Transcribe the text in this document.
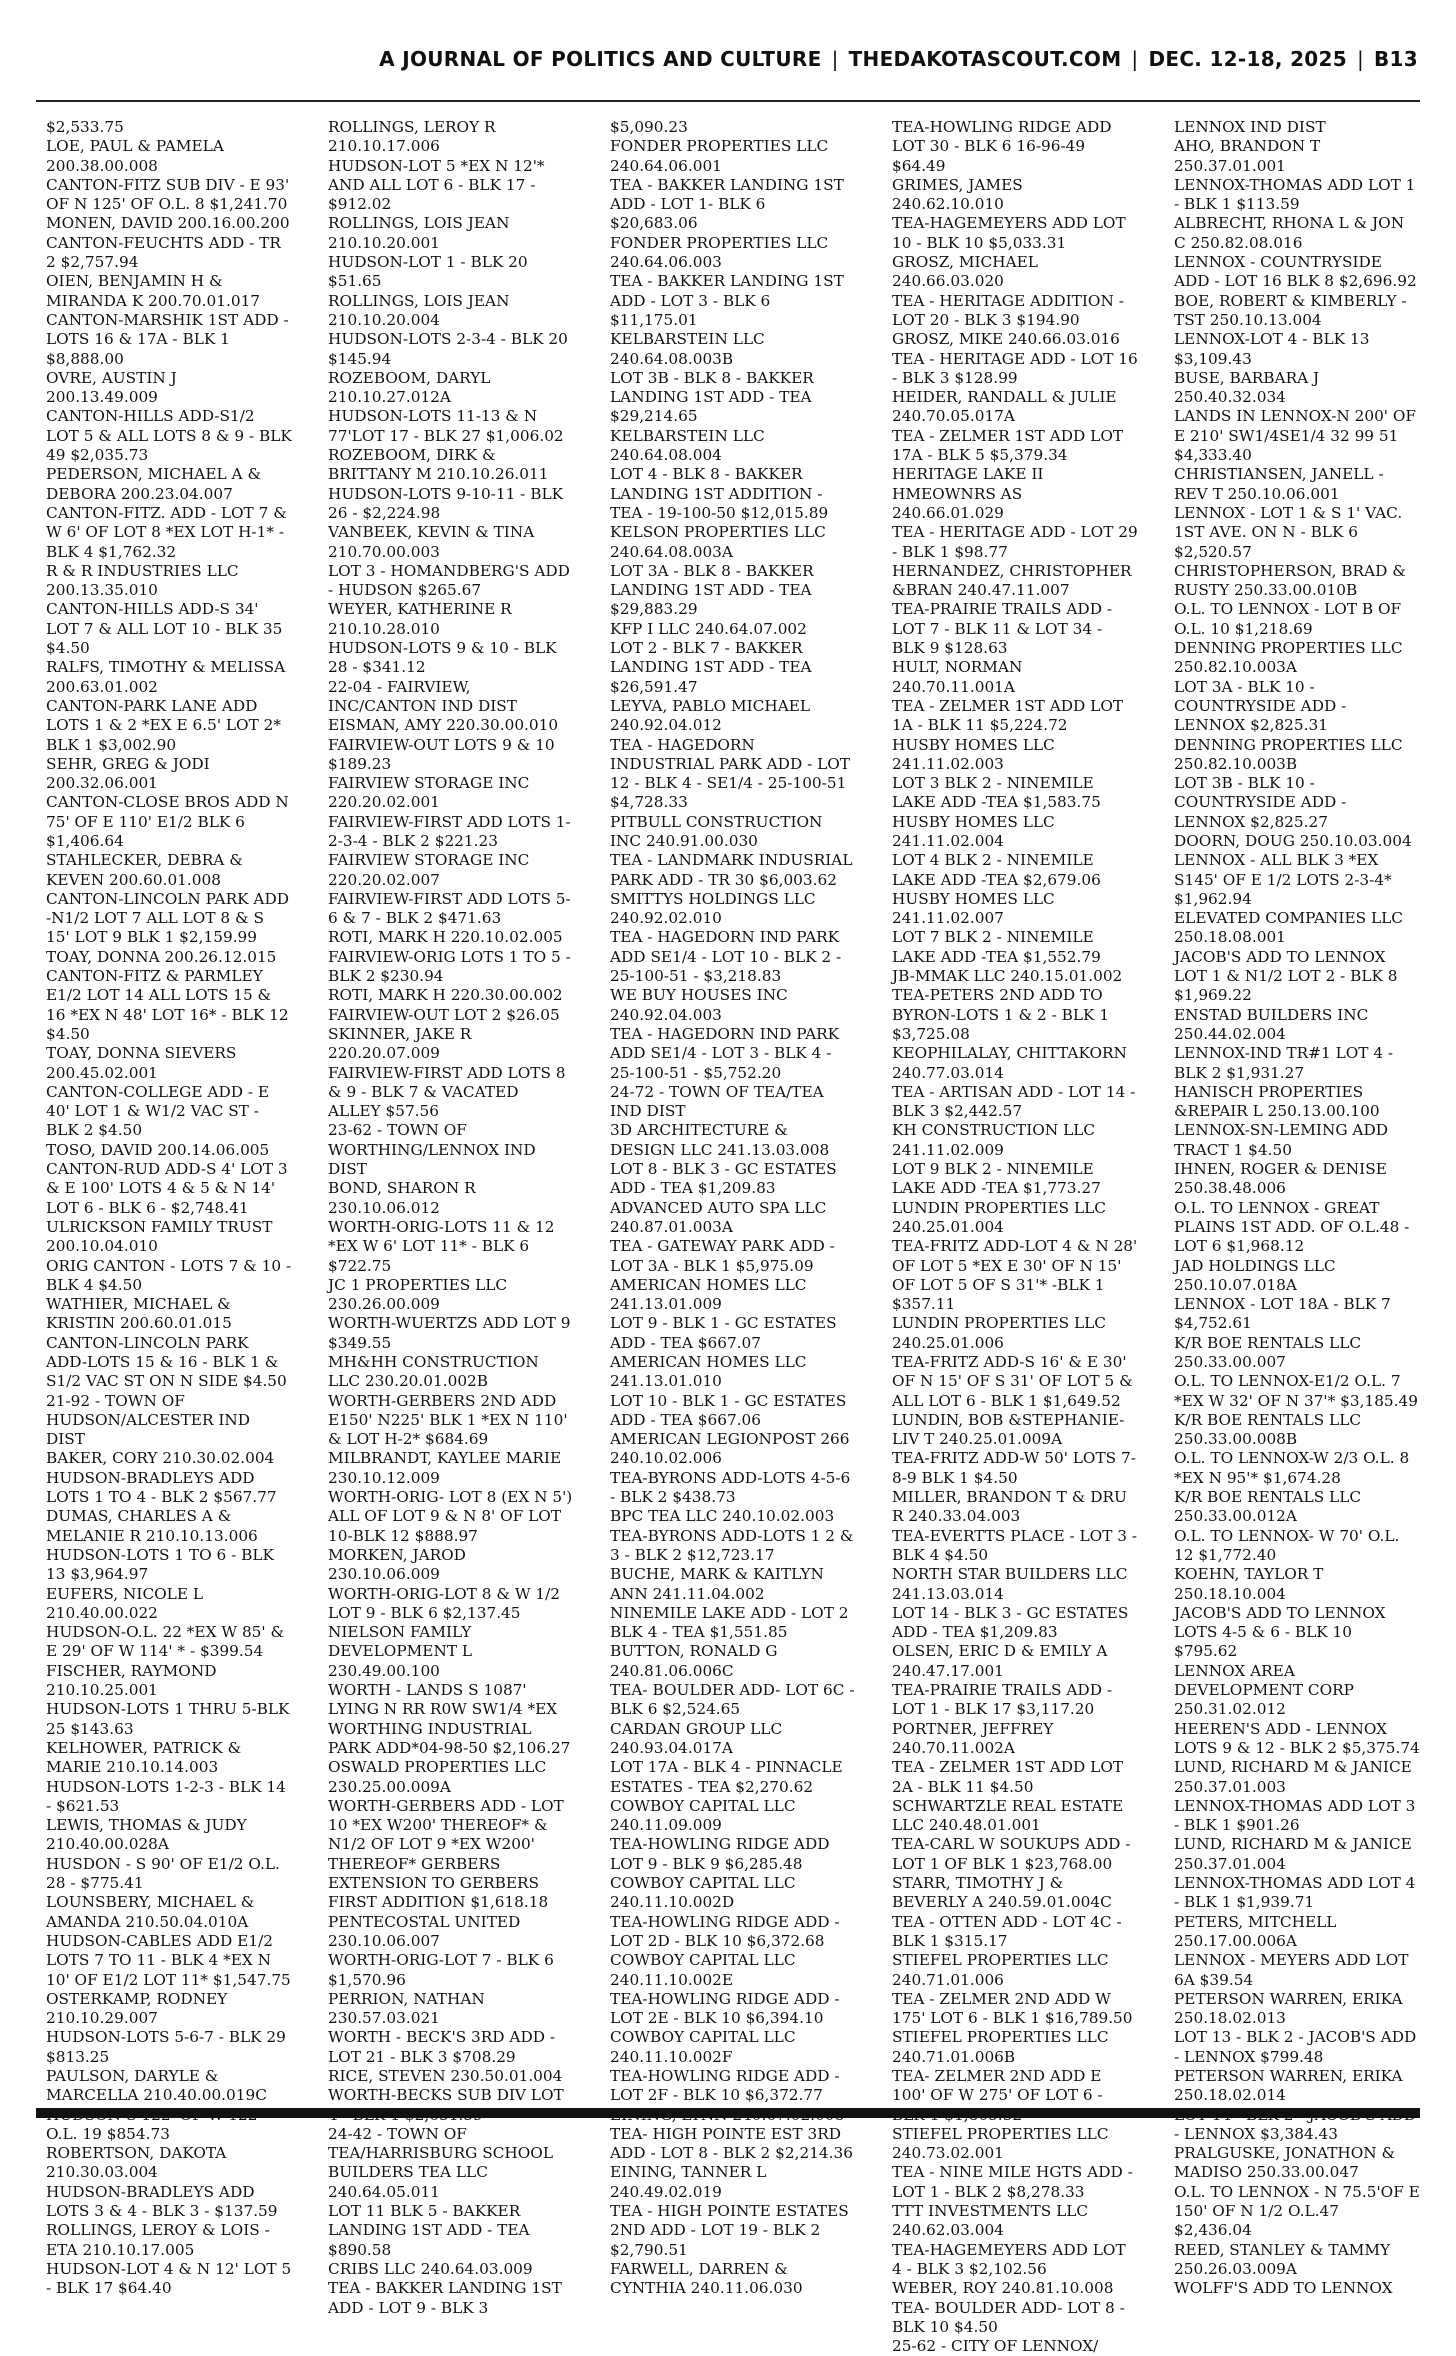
A JOURNAL OF POLITICS AND CULTURE | THEDAKOTASCOUT.COM | DEC. 12-18, 2025 | B13
$2,533.75
LOE, PAUL & PAMELA 200.38.00.008
CANTON-FITZ SUB DIV - E 93' OF N 125' OF O.L. 8 $1,241.70
MONEN, DAVID 200.16.00.200
CANTON-FEUCHTS ADD - TR 2 $2,757.94
OIEN, BENJAMIN H & MIRANDA K 200.70.01.017
CANTON-MARSHIK 1ST ADD - LOTS 16 & 17A - BLK 1 $8,888.00
OVRE, AUSTIN J 200.13.49.009
CANTON-HILLS ADD-S1/2 LOT 5 & ALL LOTS 8 & 9 - BLK 49 $2,035.73
PEDERSON, MICHAEL A & DEBORA 200.23.04.007
CANTON-FITZ. ADD - LOT 7 & W 6' OF LOT 8 *EX LOT H-1* - BLK 4 $1,762.32
R & R INDUSTRIES LLC 200.13.35.010
CANTON-HILLS ADD-S 34' LOT 7 & ALL LOT 10 - BLK 35 $4.50
RALFS, TIMOTHY & MELISSA 200.63.01.002
CANTON-PARK LANE ADD LOTS 1 & 2 *EX E 6.5' LOT 2* BLK 1 $3,002.90
SEHR, GREG & JODI 200.32.06.001
CANTON-CLOSE BROS ADD N 75' OF E 110' E1/2 BLK 6 $1,406.64
STAHLECKER, DEBRA & KEVEN 200.60.01.008
CANTON-LINCOLN PARK ADD -N1/2 LOT 7 ALL LOT 8 & S 15' LOT 9 BLK 1 $2,159.99
TOAY, DONNA 200.26.12.015
CANTON-FITZ & PARMLEY E1/2 LOT 14 ALL LOTS 15 & 16 *EX N 48' LOT 16* - BLK 12 $4.50
TOAY, DONNA SIEVERS 200.45.02.001
CANTON-COLLEGE ADD - E 40' LOT 1 & W1/2 VAC ST - BLK 2 $4.50
TOSO, DAVID 200.14.06.005
CANTON-RUD ADD-S 4' LOT 3 & E 100' LOTS 4 & 5 & N 14' LOT 6 - BLK 6 - $2,748.41
ULRICKSON FAMILY TRUST 200.10.04.010
ORIG CANTON - LOTS 7 & 10 - BLK 4 $4.50
WATHIER, MICHAEL & KRISTIN 200.60.01.015
CANTON-LINCOLN PARK ADD-LOTS 15 & 16 - BLK 1 & S1/2 VAC ST ON N SIDE $4.50
21-92 - TOWN OF HUDSON/ALCESTER IND DIST
BAKER, CORY 210.30.02.004
HUDSON-BRADLEYS ADD LOTS 1 TO 4 - BLK 2 $567.77
DUMAS, CHARLES A & MELANIE R 210.10.13.006
HUDSON-LOTS 1 TO 6 - BLK 13 $3,964.97
EUFERS, NICOLE L 210.40.00.022
HUDSON-O.L. 22 *EX W 85' & E 29' OF W 114' * - $399.54
FISCHER, RAYMOND 210.10.25.001
HUDSON-LOTS 1 THRU 5-BLK 25 $143.63
KELHOWER, PATRICK & MARIE 210.10.14.003
HUDSON-LOTS 1-2-3 - BLK 14 - $621.53
LEWIS, THOMAS & JUDY 210.40.00.028A
HUSDON - S 90' OF E1/2 O.L. 28 - $775.41
LOUNSBERY, MICHAEL & AMANDA 210.50.04.010A
HUDSON-CABLES ADD E1/2 LOTS 7 TO 11 - BLK 4 *EX N 10' OF E1/2 LOT 11* $1,547.75
OSTERKAMP, RODNEY 210.10.29.007
HUDSON-LOTS 5-6-7 - BLK 29 $813.25
PAULSON, DARYLE & MARCELLA 210.40.00.019C
O.L. 19 $854.73
ROBERTSON, DAKOTA 210.30.03.004
HUDSON-BRADLEYS ADD LOTS 3 & 4 - BLK 3 - $137.59
ROLLINGS, LEROY & LOIS - ETA 210.10.17.005
HUDSON-LOT 4 & N 12' LOT 5 - BLK 17 $64.40
ROLLINGS, LEROY R 210.10.17.006
HUDSON-LOT 5 *EX N 12'* AND ALL LOT 6 - BLK 17 - $912.02
ROLLINGS, LOIS JEAN 210.10.20.001
HUDSON-LOT 1 - BLK 20 $51.65
ROLLINGS, LOIS JEAN 210.10.20.004
HUDSON-LOTS 2-3-4 - BLK 20 $145.94
ROZEBOOM, DARYL 210.10.27.012A
HUDSON-LOTS 11-13 & N 77'LOT 17 - BLK 27 $1,006.02
ROZEBOOM, DIRK & BRITTANY M 210.10.26.011
HUDSON-LOTS 9-10-11 - BLK 26 - $2,224.98
VANBEEK, KEVIN & TINA 210.70.00.003
LOT 3 - HOMANDBERG'S ADD - HUDSON $265.67
WEYER, KATHERINE R 210.10.28.010
HUDSON-LOTS 9 & 10 - BLK 28 - $341.12
22-04 - FAIRVIEW, INC/CANTON IND DIST
EISMAN, AMY 220.30.00.010
FAIRVIEW-OUT LOTS 9 & 10 $189.23
FAIRVIEW STORAGE INC 220.20.02.001
FAIRVIEW-FIRST ADD LOTS 1-2-3-4 - BLK 2 $221.23
FAIRVIEW STORAGE INC 220.20.02.007
FAIRVIEW-FIRST ADD LOTS 5-6 & 7 - BLK 2 $471.63
ROTI, MARK H 220.10.02.005
FAIRVIEW-ORIG LOTS 1 TO 5 - BLK 2 $230.94
ROTI, MARK H 220.30.00.002
FAIRVIEW-OUT LOT 2 $26.05
SKINNER, JAKE R 220.20.07.009
FAIRVIEW-FIRST ADD LOTS 8 & 9 - BLK 7 & VACATED ALLEY $57.56
23-62 - TOWN OF WORTHING/LENNOX IND DIST
BOND, SHARON R 230.10.06.012
WORTH-ORIG-LOTS 11 & 12 *EX W 6' LOT 11* - BLK 6 $722.75
JC 1 PROPERTIES LLC 230.26.00.009
WORTH-WUERTZS ADD LOT 9 $349.55
MH&HH CONSTRUCTION LLC 230.20.01.002B
WORTH-GERBERS 2ND ADD E150' N225' BLK 1 *EX N 110' & LOT H-2* $684.69
MILBRANDT, KAYLEE MARIE 230.10.12.009
WORTH-ORIG- LOT 8 (EX N 5') ALL OF LOT 9 & N 8' OF LOT 10-BLK 12 $888.97
MORKEN, JAROD 230.10.06.009
WORTH-ORIG-LOT 8 & W 1/2 LOT 9 - BLK 6 $2,137.45
NIELSON FAMILY DEVELOPMENT L 230.49.00.100
WORTH - LANDS S 1087' LYING N RR R0W SW1/4 *EX WORTHING INDUSTRIAL PARK ADD*04-98-50 $2,106.27
OSWALD PROPERTIES LLC 230.25.00.009A
WORTH-GERBERS ADD - LOT 10 *EX W200' THEREOF* & N1/2 OF LOT 9 *EX W200' THEREOF* GERBERS EXTENSION TO GERBERS FIRST ADDITION $1,618.18
PENTECOSTAL UNITED 230.10.06.007
WORTH-ORIG-LOT 7 - BLK 6 $1,570.96
PERRION, NATHAN 230.57.03.021
WORTH - BECK'S 3RD ADD - LOT 21 - BLK 3 $708.29
RICE, STEVEN 230.50.01.004
WORTH-BECKS SUB DIV LOT
24-42 - TOWN OF TEA/HARRISBURG SCHOOL
BUILDERS TEA LLC 240.64.05.011
LOT 11 BLK 5 - BAKKER LANDING 1ST ADD - TEA $890.58
CRIBS LLC 240.64.03.009
TEA - BAKKER LANDING 1ST ADD - LOT 9 - BLK 3
$5,090.23
FONDER PROPERTIES LLC 240.64.06.001
TEA - BAKKER LANDING 1ST ADD - LOT 1- BLK 6 $20,683.06
FONDER PROPERTIES LLC 240.64.06.003
TEA - BAKKER LANDING 1ST ADD - LOT 3 - BLK 6 $11,175.01
KELBARSTEIN LLC 240.64.08.003B
LOT 3B - BLK 8 - BAKKER LANDING 1ST ADD - TEA $29,214.65
KELBARSTEIN LLC 240.64.08.004
LOT 4 - BLK 8 - BAKKER LANDING 1ST ADDITION - TEA - 19-100-50 $12,015.89
KELSON PROPERTIES LLC 240.64.08.003A
LOT 3A - BLK 8 - BAKKER LANDING 1ST ADD - TEA $29,883.29
KFP I LLC 240.64.07.002
LOT 2 - BLK 7 - BAKKER LANDING 1ST ADD - TEA $26,591.47
LEYVA, PABLO MICHAEL 240.92.04.012
TEA - HAGEDORN INDUSTRIAL PARK ADD - LOT 12 - BLK 4 - SE1/4 - 25-100-51 $4,728.33
PITBULL CONSTRUCTION INC 240.91.00.030
TEA - LANDMARK INDUSRIAL PARK ADD - TR 30 $6,003.62
SMITTYS HOLDINGS LLC 240.92.02.010
TEA - HAGEDORN IND PARK ADD SE1/4 - LOT 10 - BLK 2 - 25-100-51 - $3,218.83
WE BUY HOUSES INC 240.92.04.003
TEA - HAGEDORN IND PARK ADD SE1/4 - LOT 3 - BLK 4 - 25-100-51 - $5,752.20
24-72 - TOWN OF TEA/TEA IND DIST
3D ARCHITECTURE & DESIGN LLC 241.13.03.008
LOT 8 - BLK 3 - GC ESTATES ADD - TEA $1,209.83
ADVANCED AUTO SPA LLC 240.87.01.003A
TEA - GATEWAY PARK ADD - LOT 3A - BLK 1 $5,975.09
AMERICAN HOMES LLC 241.13.01.009
LOT 9 - BLK 1 - GC ESTATES ADD - TEA $667.07
AMERICAN HOMES LLC 241.13.01.010
LOT 10 - BLK 1 - GC ESTATES ADD - TEA $667.06
AMERICAN LEGIONPOST 266 240.10.02.006
TEA-BYRONS ADD-LOTS 4-5-6 - BLK 2 $438.73
BPC TEA LLC 240.10.02.003
TEA-BYRONS ADD-LOTS 1 2 & 3 - BLK 2 $12,723.17
BUCHE, MARK & KAITLYN ANN 241.11.04.002
NINEMILE LAKE ADD - LOT 2 BLK 4 - TEA $1,551.85
BUTTON, RONALD G 240.81.06.006C
TEA- BOULDER ADD- LOT 6C - BLK 6 $2,524.65
CARDAN GROUP LLC 240.93.04.017A
LOT 17A - BLK 4 - PINNACLE ESTATES - TEA $2,270.62
COWBOY CAPITAL LLC 240.11.09.009
TEA-HOWLING RIDGE ADD LOT 9 - BLK 9 $6,285.48
COWBOY CAPITAL LLC 240.11.10.002D
TEA-HOWLING RIDGE ADD - LOT 2D - BLK 10 $6,372.68
COWBOY CAPITAL LLC 240.11.10.002E
TEA-HOWLING RIDGE ADD - LOT 2E - BLK 10 $6,394.10
COWBOY CAPITAL LLC 240.11.10.002F
TEA-HOWLING RIDGE ADD - LOT 2F - BLK 10 $6,372.77
TEA- HIGH POINTE EST 3RD ADD - LOT 8 - BLK 2 $2,214.36
EINING, TANNER L 240.49.02.019
TEA - HIGH POINTE ESTATES 2ND ADD - LOT 19 - BLK 2 $2,790.51
FARWELL, DARREN & CYNTHIA 240.11.06.030
TEA-HOWLING RIDGE ADD LOT 30 - BLK 6 16-96-49 $64.49
GRIMES, JAMES 240.62.10.010
TEA-HAGEMEYERS ADD LOT 10 - BLK 10 $5,033.31
GROSZ, MICHAEL 240.66.03.020
TEA - HERITAGE ADDITION - LOT 20 - BLK 3 $194.90
GROSZ, MIKE 240.66.03.016
TEA - HERITAGE ADD - LOT 16 - BLK 3 $128.99
HEIDER, RANDALL & JULIE 240.70.05.017A
TEA - ZELMER 1ST ADD LOT 17A - BLK 5 $5,379.34
HERITAGE LAKE II HMEOWNRS AS 240.66.01.029
TEA - HERITAGE ADD - LOT 29 - BLK 1 $98.77
HERNANDEZ, CHRISTOPHER &BRAN 240.47.11.007
TEA-PRAIRIE TRAILS ADD - LOT 7 - BLK 11 & LOT 34 - BLK 9 $128.63
HULT, NORMAN 240.70.11.001A
TEA - ZELMER 1ST ADD LOT 1A - BLK 11 $5,224.72
HUSBY HOMES LLC 241.11.02.003
LOT 3 BLK 2 - NINEMILE LAKE ADD -TEA $1,583.75
HUSBY HOMES LLC 241.11.02.004
LOT 4 BLK 2 - NINEMILE LAKE ADD -TEA $2,679.06
HUSBY HOMES LLC 241.11.02.007
LOT 7 BLK 2 - NINEMILE LAKE ADD -TEA $1,552.79
JB-MMAK LLC 240.15.01.002
TEA-PETERS 2ND ADD TO BYRON-LOTS 1 & 2 - BLK 1 $3,725.08
KEOPHILALAY, CHITTAKORN 240.77.03.014
TEA - ARTISAN ADD - LOT 14 - BLK 3 $2,442.57
KH CONSTRUCTION LLC 241.11.02.009
LOT 9 BLK 2 - NINEMILE LAKE ADD -TEA $1,773.27
LUNDIN PROPERTIES LLC 240.25.01.004
TEA-FRITZ ADD-LOT 4 & N 28' OF LOT 5 *EX E 30' OF N 15' OF LOT 5 OF S 31'* -BLK 1 $357.11
LUNDIN PROPERTIES LLC 240.25.01.006
TEA-FRITZ ADD-S 16' & E 30' OF N 15' OF S 31' OF LOT 5 & ALL LOT 6 - BLK 1 $1,649.52
LUNDIN, BOB &STEPHANIE-LIV T 240.25.01.009A
TEA-FRITZ ADD-W 50' LOTS 7-8-9 BLK 1 $4.50
MILLER, BRANDON T & DRU R 240.33.04.003
TEA-EVERTTS PLACE - LOT 3 - BLK 4 $4.50
NORTH STAR BUILDERS LLC 241.13.03.014
LOT 14 - BLK 3 - GC ESTATES ADD - TEA $1,209.83
OLSEN, ERIC D & EMILY A 240.47.17.001
TEA-PRAIRIE TRAILS ADD - LOT 1 - BLK 17 $3,117.20
PORTNER, JEFFREY 240.70.11.002A
TEA - ZELMER 1ST ADD LOT 2A - BLK 11 $4.50
SCHWARTZLE REAL ESTATE LLC 240.48.01.001
TEA-CARL W SOUKUPS ADD - LOT 1 OF BLK 1 $23,768.00
STARR, TIMOTHY J & BEVERLY A 240.59.01.004C
TEA - OTTEN ADD - LOT 4C - BLK 1 $315.17
STIEFEL PROPERTIES LLC 240.71.01.006
TEA - ZELMER 2ND ADD W 175' LOT 6 - BLK 1 $16,789.50
STIEFEL PROPERTIES LLC 240.71.01.006B
TEA- ZELMER 2ND ADD E 100' OF W 275' OF LOT 6 -
STIEFEL PROPERTIES LLC 240.73.02.001
TEA - NINE MILE HGTS ADD - LOT 1 - BLK 2 $8,278.33
TTT INVESTMENTS LLC 240.62.03.004
TEA-HAGEMEYERS ADD LOT 4 - BLK 3 $2,102.56
WEBER, ROY 240.81.10.008
TEA- BOULDER ADD- LOT 8 - BLK 10 $4.50
25-62 - CITY OF LENNOX/
LENNOX IND DIST
AHO, BRANDON T 250.37.01.001
LENNOX-THOMAS ADD LOT 1 - BLK 1 $113.59
ALBRECHT, RHONA L & JON C 250.82.08.016
LENNOX - COUNTRYSIDE ADD - LOT 16 BLK 8 $2,696.92
BOE, ROBERT & KIMBERLY - TST 250.10.13.004
LENNOX-LOT 4 - BLK 13 $3,109.43
BUSE, BARBARA J 250.40.32.034
LANDS IN LENNOX-N 200' OF E 210' SW1/4SE1/4 32 99 51 $4,333.40
CHRISTIANSEN, JANELL - REV T 250.10.06.001
LENNOX - LOT 1 & S 1' VAC. 1ST AVE. ON N - BLK 6 $2,520.57
CHRISTOPHERSON, BRAD & RUSTY 250.33.00.010B
O.L. TO LENNOX - LOT B OF O.L. 10 $1,218.69
DENNING PROPERTIES LLC 250.82.10.003A
LOT 3A - BLK 10 - COUNTRYSIDE ADD - LENNOX $2,825.31
DENNING PROPERTIES LLC 250.82.10.003B
LOT 3B - BLK 10 - COUNTRYSIDE ADD - LENNOX $2,825.27
DOORN, DOUG 250.10.03.004
LENNOX - ALL BLK 3 *EX S145' OF E 1/2 LOTS 2-3-4* $1,962.94
ELEVATED COMPANIES LLC 250.18.08.001
JACOB'S ADD TO LENNOX LOT 1 & N1/2 LOT 2 - BLK 8 $1,969.22
ENSTAD BUILDERS INC 250.44.02.004
LENNOX-IND TR#1 LOT 4 - BLK 2 $1,931.27
HANISCH PROPERTIES &REPAIR L 250.13.00.100
LENNOX-SN-LEMING ADD TRACT 1 $4.50
IHNEN, ROGER & DENISE 250.38.48.006
O.L. TO LENNOX - GREAT PLAINS 1ST ADD. OF O.L.48 - LOT 6 $1,968.12
JAD HOLDINGS LLC 250.10.07.018A
LENNOX - LOT 18A - BLK 7 $4,752.61
K/R BOE RENTALS LLC 250.33.00.007
O.L. TO LENNOX-E1/2 O.L. 7 *EX W 32' OF N 37'* $3,185.49
K/R BOE RENTALS LLC 250.33.00.008B
O.L. TO LENNOX-W 2/3 O.L. 8 *EX N 95'* $1,674.28
K/R BOE RENTALS LLC 250.33.00.012A
O.L. TO LENNOX- W 70' O.L. 12 $1,772.40
KOEHN, TAYLOR T 250.18.10.004
JACOB'S ADD TO LENNOX LOTS 4-5 & 6 - BLK 10 $795.62
LENNOX AREA DEVELOPMENT CORP 250.31.02.012
HEEREN'S ADD - LENNOX LOTS 9 & 12 - BLK 2 $5,375.74
LUND, RICHARD M & JANICE 250.37.01.003
LENNOX-THOMAS ADD LOT 3 - BLK 1 $901.26
LUND, RICHARD M & JANICE 250.37.01.004
LENNOX-THOMAS ADD LOT 4 - BLK 1 $1,939.71
PETERS, MITCHELL 250.17.00.006A
LENNOX - MEYERS ADD LOT 6A $39.54
PETERSON WARREN, ERIKA 250.18.02.013
LOT 13 - BLK 2 - JACOB'S ADD - LENNOX $799.48
PETERSON WARREN, ERIKA 250.18.02.014
- LENNOX $3,384.43
PRALGUSKE, JONATHON & MADISO 250.33.00.047
O.L. TO LENNOX - N 75.5'OF E 150' OF N 1/2 O.L.47 $2,436.04
REED, STANLEY & TAMMY 250.26.03.009A
WOLFF'S ADD TO LENNOX
